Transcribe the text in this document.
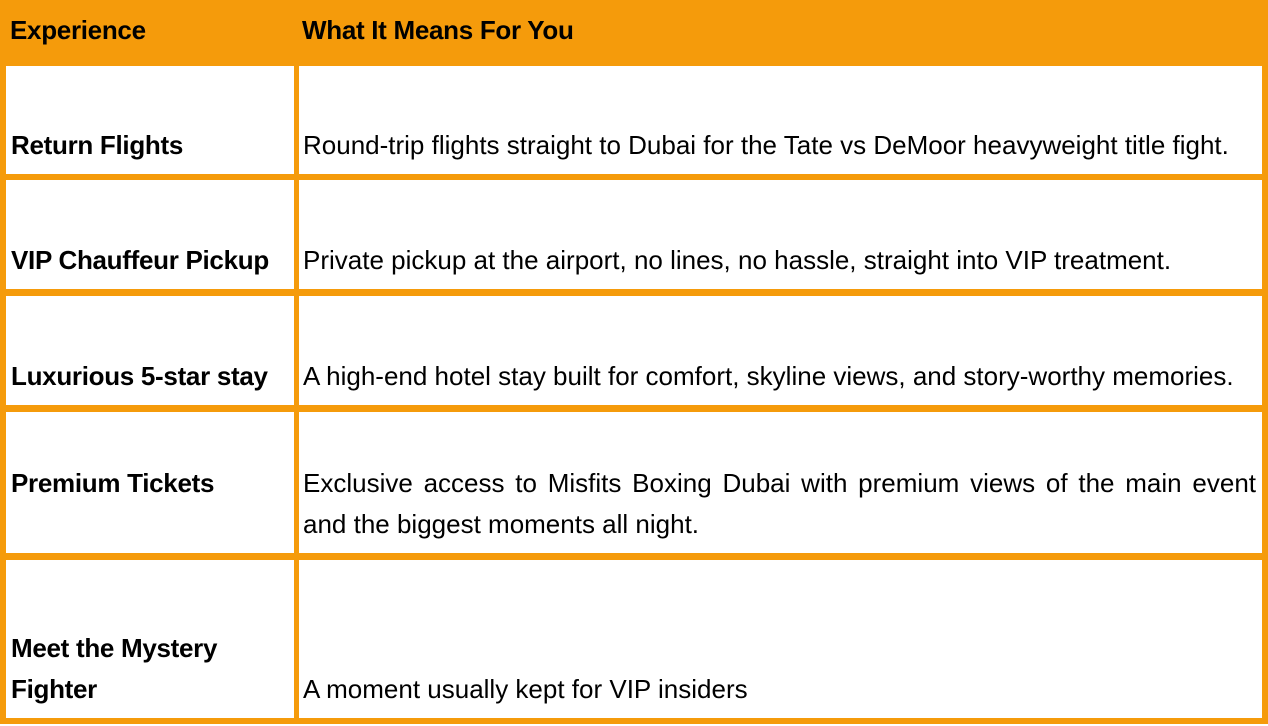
Experience	What It Means For You
Return Flights	Round-trip flights straight to Dubai for the Tate vs DeMoor heavyweight title fight.
VIP Chauffeur Pickup	Private pickup at the airport, no lines, no hassle, straight into VIP treatment.
Luxurious 5-star stay	A high-end hotel stay built for comfort, skyline views, and story-worthy memories.
Premium Tickets	Exclusive access to Misfits Boxing Dubai with premium views of the main event and the biggest moments all night.
Meet the Mystery Fighter	A moment usually kept for VIP insiders
